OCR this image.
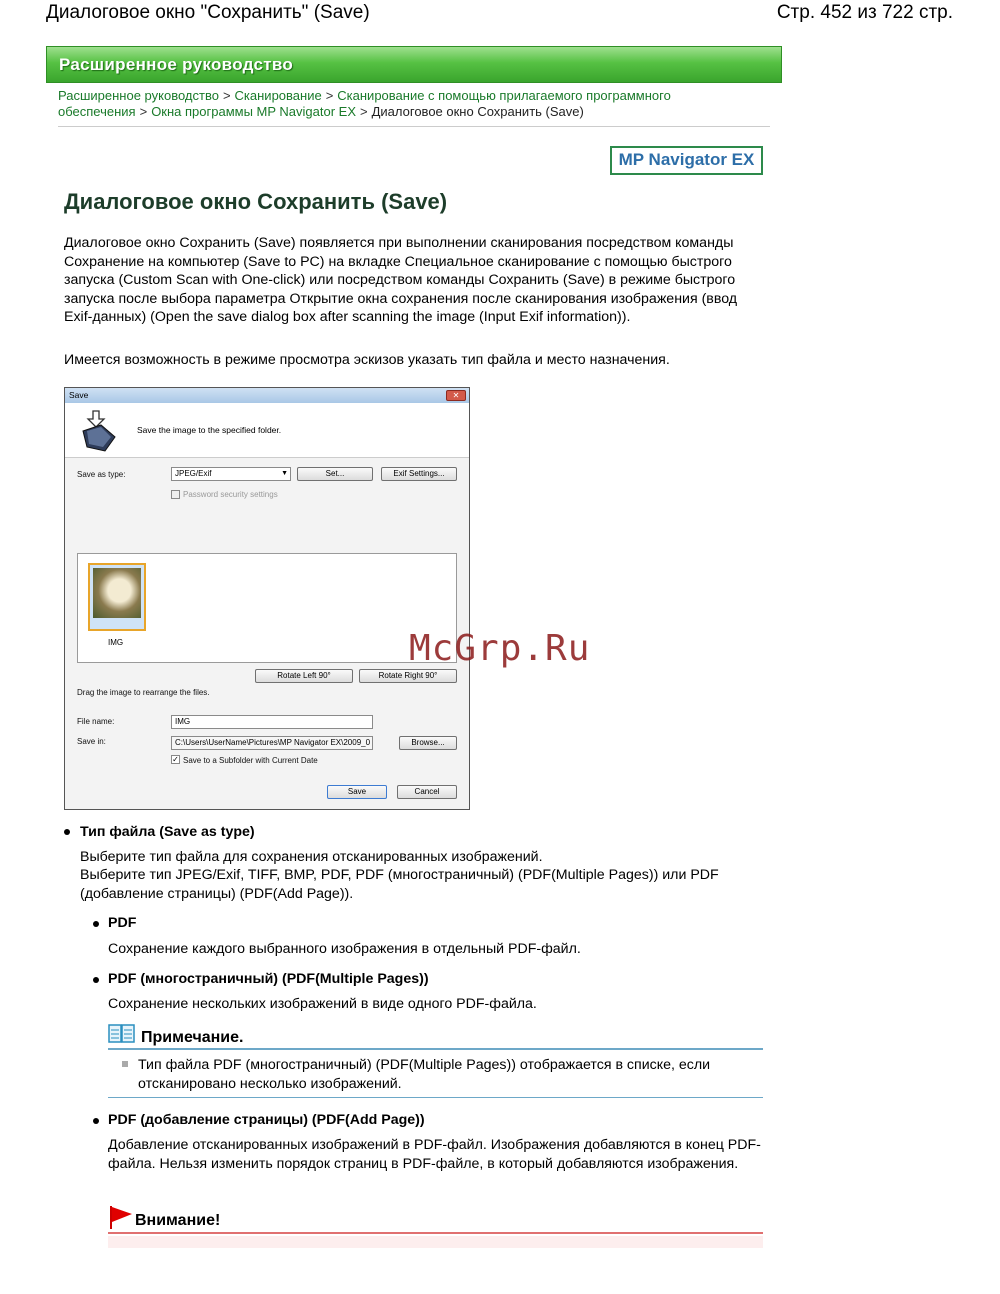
Диалоговое окно "Сохранить" (Save)	Стр. 452 из 722 стр.
Расширенное руководство
Расширенное руководство > Сканирование > Сканирование с помощью прилагаемого программного обеспечения > Окна программы MP Navigator EX > Диалоговое окно Сохранить (Save)
MP Navigator EX
Диалоговое окно Сохранить (Save)
Диалоговое окно Сохранить (Save) появляется при выполнении сканирования посредством команды Сохранение на компьютер (Save to PC) на вкладке Специальное сканирование с помощью быстрого запуска (Custom Scan with One-click) или посредством команды Сохранить (Save) в режиме быстрого запуска после выбора параметра Открытие окна сохранения после сканирования изображения (ввод Exif-данных) (Open the save dialog box after scanning the image (Input Exif information)).
Имеется возможность в режиме просмотра эскизов указать тип файла и место назначения.
Save	✕
Save the image to the specified folder.
Save as type:	JPEG/Exif	▼	Set...	Exif Settings...
Password security settings
IMG
Rotate Left 90°	Rotate Right 90°
Drag the image to rearrange the files.
File name:	IMG
Save in:	C:\Users\UserName\Pictures\MP Navigator EX\2009_0	Browse...
✓ Save to a Subfolder with Current Date
Save	Cancel
McGrp.Ru
Тип файла (Save as type)
Выберите тип файла для сохранения отсканированных изображений.
Выберите тип JPEG/Exif, TIFF, BMP, PDF, PDF (многостраничный) (PDF(Multiple Pages)) или PDF (добавление страницы) (PDF(Add Page)).
PDF
Сохранение каждого выбранного изображения в отдельный PDF-файл.
PDF (многостраничный) (PDF(Multiple Pages))
Сохранение нескольких изображений в виде одного PDF-файла.
Примечание.
Тип файла PDF (многостраничный) (PDF(Multiple Pages)) отображается в списке, если отсканировано несколько изображений.
PDF (добавление страницы) (PDF(Add Page))
Добавление отсканированных изображений в PDF-файл. Изображения добавляются в конец PDF-файла. Нельзя изменить порядок страниц в PDF-файле, в который добавляются изображения.
Внимание!
